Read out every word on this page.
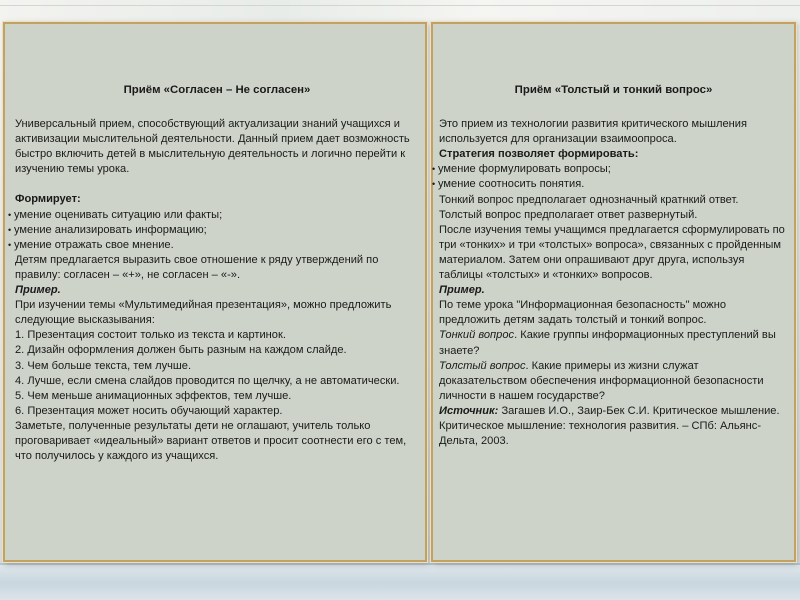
Приём «Согласен – Не согласен»

Универсальный прием, способствующий актуализации знаний учащихся и активизации мыслительной деятельности. Данный прием дает возможность быстро включить детей в мыслительную деятельность и логично перейти к изучению темы урока.

Формирует:

• умение оценивать ситуацию или факты;

• умение анализировать информацию;

• умение отражать свое мнение.

Детям предлагается выразить свое отношение к ряду утверждений по правилу: согласен – «+», не согласен – «-».

Пример.

При изучении темы «Мультимедийная презентация», можно предложить следующие высказывания:

1. Презентация состоит только из текста и картинок.

2. Дизайн оформления должен быть разным на каждом слайде.

3. Чем больше текста, тем лучше.

4. Лучше, если смена слайдов проводится по щелчку, а не автоматически.

5. Чем меньше анимационных эффектов, тем лучше.

6. Презентация может носить обучающий характер.

Заметьте, полученные результаты дети не оглашают, учитель только проговаривает «идеальный» вариант ответов и просит соотнести его с тем, что получилось у каждого из учащихся.

Приём «Толстый и тонкий вопрос»

Это прием из технологии развития критического мышления используется для организации взаимоопроса.

Стратегия позволяет формировать:

• умение формулировать вопросы;

• умение соотносить понятия.

Тонкий вопрос предполагает однозначный кратнкий ответ.

Толстый вопрос предполагает ответ развернутый.

После изучения темы учащимся предлагается сформулировать по три «тонких» и три «толстых» вопроса», связанных с пройденным материалом. Затем они опрашивают друг друга, используя таблицы «толстых» и «тонких» вопросов.

Пример.

По теме урока "Информационная безопасность" можно предложить детям задать толстый и тонкий вопрос.

Тонкий вопрос. Какие группы информационных преступлений вы знаете?

Толстый вопрос. Какие примеры из жизни служат доказательством обеспечения информационной безопасности личности в нашем государстве?

Источник: Загашев И.О., Заир-Бек С.И. Критическое мышление. Критическое мышление: технология развития. – СПб: Альянс-Дельта, 2003.
